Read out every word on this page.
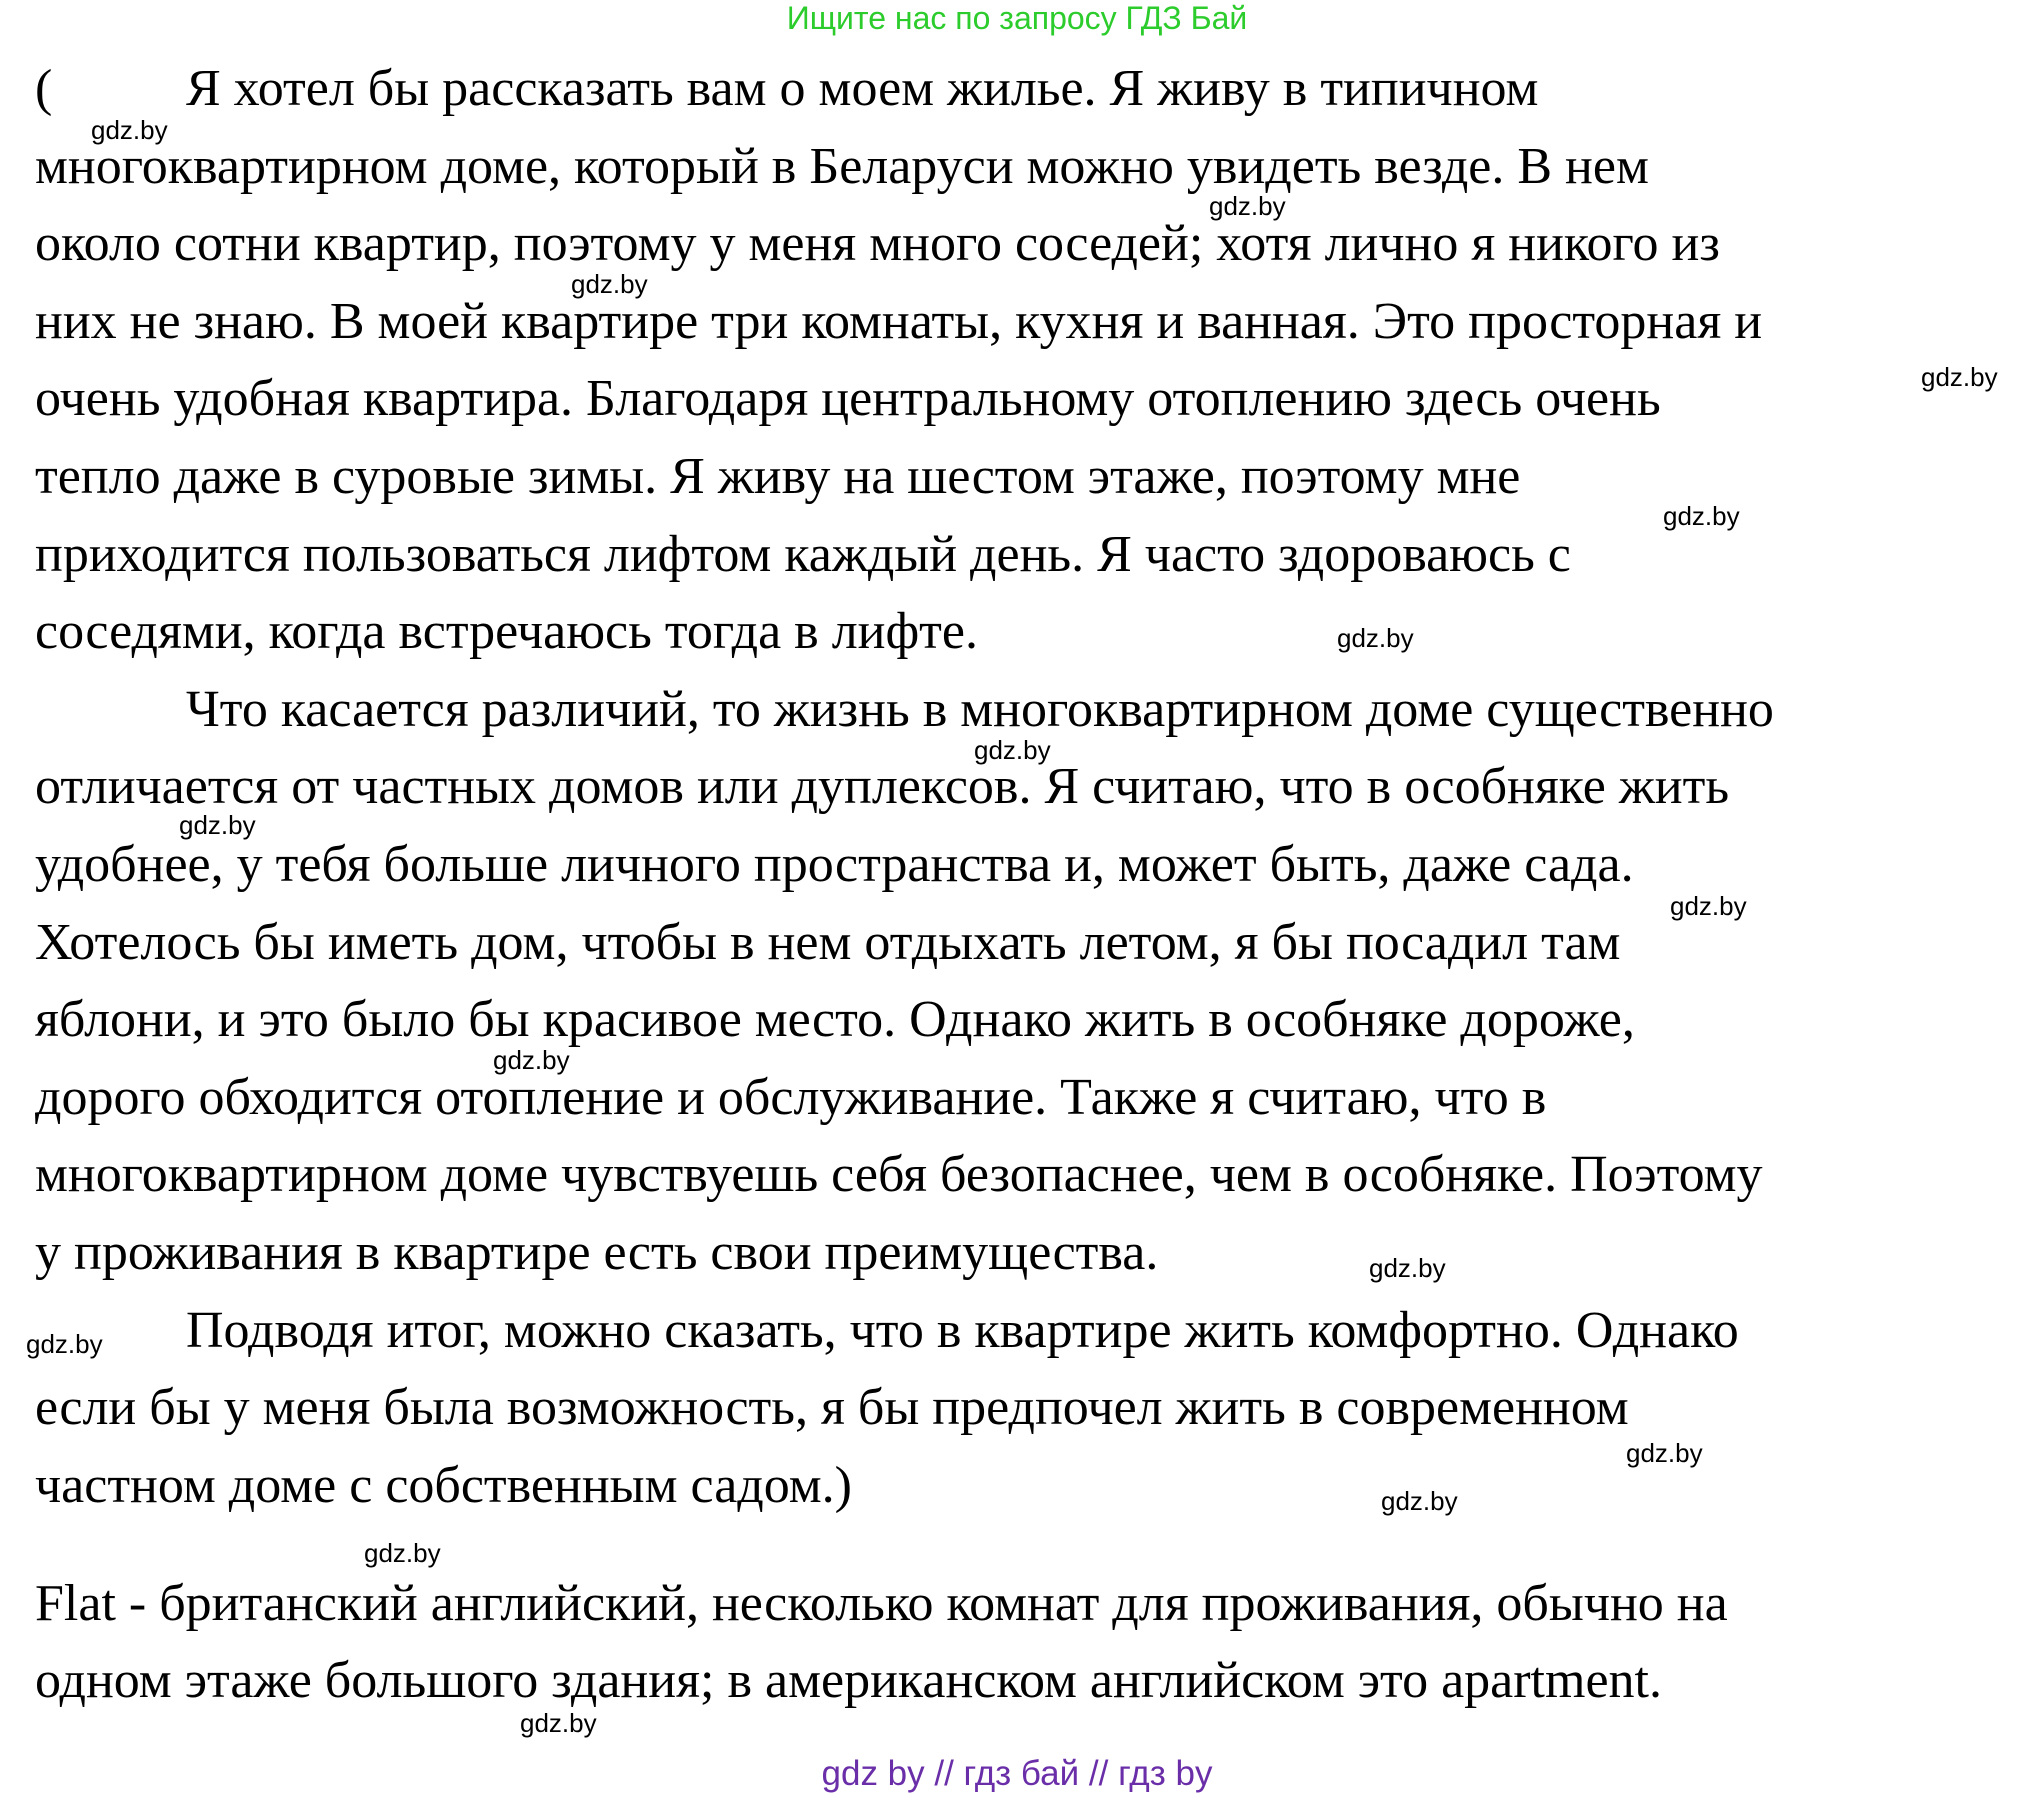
Ищите нас по запросу ГДЗ Бай
(	Я хотел бы рассказать вам о моем жилье. Я живу в типичном
многоквартирном доме, который в Беларуси можно увидеть везде. В нем
около сотни квартир, поэтому у меня много соседей; хотя лично я никого из
них не знаю. В моей квартире три комнаты, кухня и ванная. Это просторная и
очень удобная квартира. Благодаря центральному отоплению здесь очень
тепло даже в суровые зимы. Я живу на шестом этаже, поэтому мне
приходится пользоваться лифтом каждый день. Я часто здороваюсь с
соседями, когда встречаюсь тогда в лифте.
Что касается различий, то жизнь в многоквартирном доме существенно
отличается от частных домов или дуплексов. Я считаю, что в особняке жить
удобнее, у тебя больше личного пространства и, может быть, даже сада.
Хотелось бы иметь дом, чтобы в нем отдыхать летом, я бы посадил там
яблони, и это было бы красивое место. Однако жить в особняке дороже,
дорого обходится отопление и обслуживание. Также я считаю, что в
многоквартирном доме чувствуешь себя безопаснее, чем в особняке. Поэтому
у проживания в квартире есть свои преимущества.
Подводя итог, можно сказать, что в квартире жить комфортно. Однако
если бы у меня была возможность, я бы предпочел жить в современном
частном доме с собственным садом.)
Flat - британский английский, несколько комнат для проживания, обычно на
одном этаже большого здания; в американском английском это apartment.
gdz.by
gdz.by
gdz.by
gdz.by
gdz.by
gdz.by
gdz.by
gdz.by
gdz.by
gdz.by
gdz.by
gdz.by
gdz.by
gdz.by
gdz.by
gdz.by
gdz by // гдз бай // гдз by
